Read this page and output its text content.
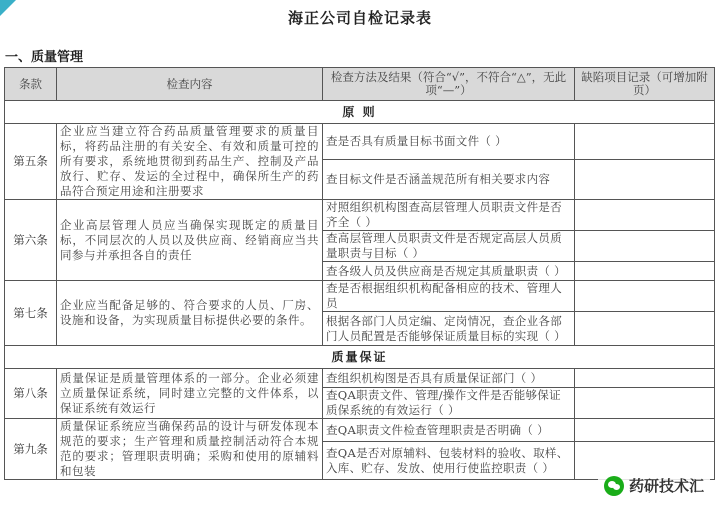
海正公司自检记录表
一、质量管理
条款	检查内容	检查方法及结果（符合“√”，不符合“△”，无此项“—”）	缺陷项目记录（可增加附页）
原 则			
第五条	企业应当建立符合药品质量管理要求的质量目标，将药品注册的有关安全、有效和质量可控的所有要求，系统地贯彻到药品生产、控制及产品放行、贮存、发运的全过程中，确保所生产的药品符合预定用途和注册要求	查是否具有质量目标书面文件（ ）	
		查目标文件是否涵盖规范所有相关要求内容	
第六条	企业高层管理人员应当确保实现既定的质量目标，不同层次的人员以及供应商、经销商应当共同参与并承担各自的责任	对照组织机构图查高层管理人员职责文件是否齐全（ ）	
		查高层管理人员职责文件是否规定高层人员质量职责与目标（ ）	
		查各级人员及供应商是否规定其质量职责（ ）	
第七条	企业应当配备足够的、符合要求的人员、厂房、设施和设备，为实现质量目标提供必要的条件。	查是否根据组织机构配备相应的技术、管理人员	
		根据各部门人员定编、定岗情况，查企业各部门人员配置是否能够保证质量目标的实现（ ）	
质量保证			
第八条	质量保证是质量管理体系的一部分。企业必须建立质量保证系统，同时建立完整的文件体系，以保证系统有效运行	查组织机构图是否具有质量保证部门（ ）	
		查QA职责文件、管理/操作文件是否能够保证质保系统的有效运行（ ）	
第九条	质量保证系统应当确保药品的设计与研发体现本规范的要求；生产管理和质量控制活动符合本规范的要求；管理职责明确；采购和使用的原辅料和包装	查QA职责文件检查管理职责是否明确（ ）	
		查QA是否对原辅料、包装材料的验收、取样、入库、贮存、发放、使用行使监控职责（ ）	
药研技术汇
